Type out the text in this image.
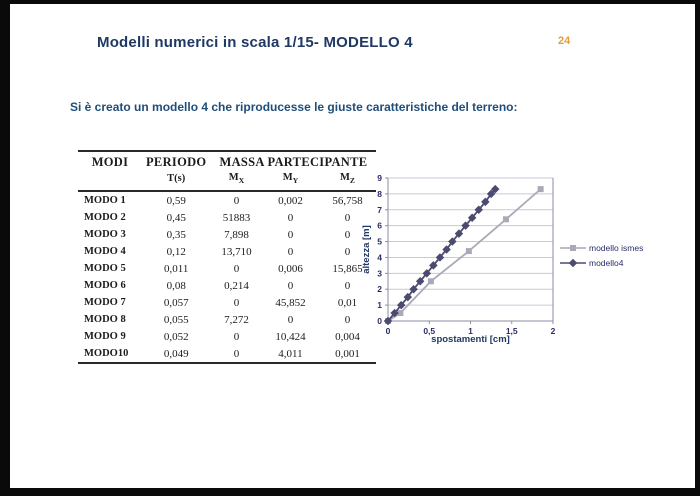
Modelli numerici in scala 1/15- MODELLO 4	24
Si è creato un modello 4 che riproducesse le giuste caratteristiche del terreno:
MODI	PERIODO	MASSA PARTECIPANTE		
	T(s)	$M_X$	$M_Y$	$M_Z$
MODO 1	0,59	0	0,002	56,758
MODO 2	0,45	51883	0	0
MODO 3	0,35	7,898	0	0
MODO 4	0,12	13,710	0	0
MODO 5	0,011	0	0,006	15,865
MODO 6	0,08	0,214	0	0
MODO 7	0,057	0	45,852	0,01
MODO 8	0,055	7,272	0	0
MODO 9	0,052	0	10,424	0,004
MODO10	0,049	0	4,011	0,001
0
1
2
3
4
5
6
7
8
9
0	0,5	1	1,5	2
spostamenti [cm]
altezza [m]	modello ismes
modello4
